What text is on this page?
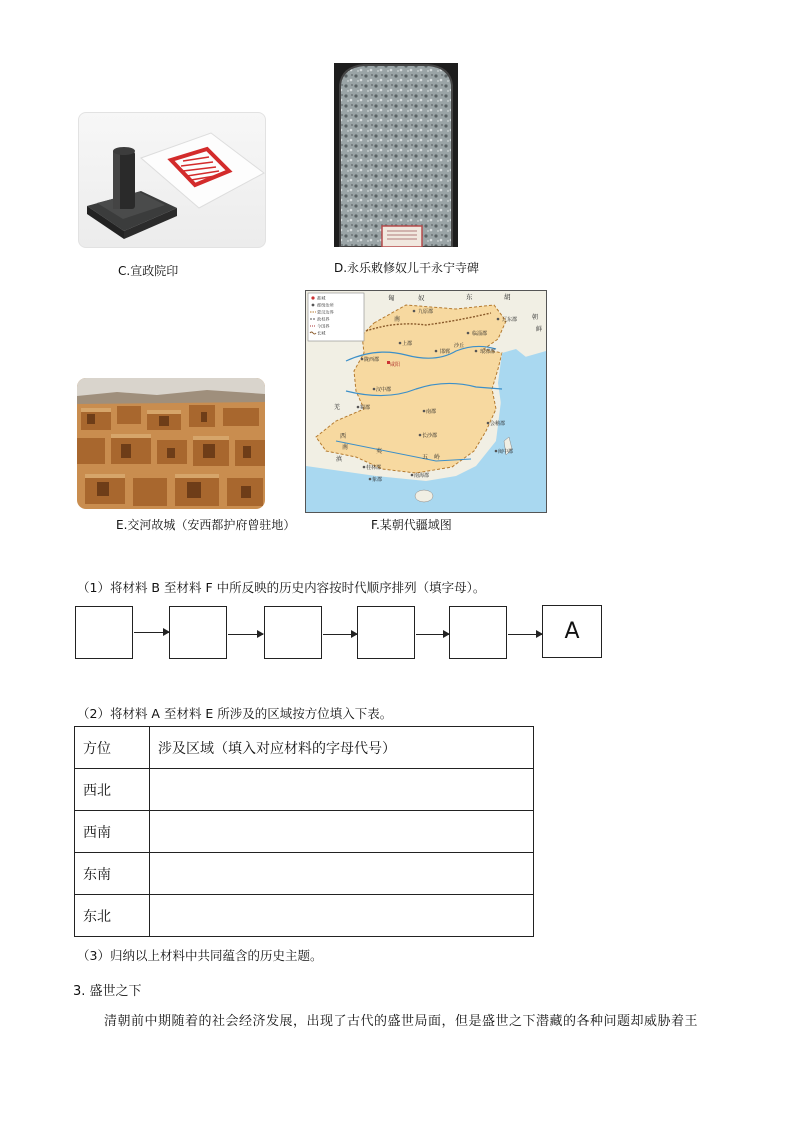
C.宣政院印	D.永乐敕修奴儿干永宁寺碑
E.交河故城（安西都护府曾驻地）
都城
郡级治所
蒙汉边界
政权界
今国界
长城
匈	奴	东	胡
九原郡
辽东郡 朝
鲜
南
上郡
陇西郡
咸阳
邯郸
临淄郡
沙丘
琅邪郡
羌
汉中郡
蜀郡
南郡
会稽郡
长沙郡
西
南
滇
夷
桂林郡
象郡
南海郡
闽中郡
五 岭
F.某朝代疆域图
（1）将材料 B 至材料 F 中所反映的历史内容按时代顺序排列（填字母）。
A
（2）将材料 A 至材料 E 所涉及的区域按方位填入下表。
方位	涉及区域（填入对应材料的字母代号）
西北	
西南	
东南	
东北	
（3）归纳以上材料中共同蕴含的历史主题。
3. 盛世之下
清朝前中期随着的社会经济发展，出现了古代的盛世局面，但是盛世之下潜藏的各种问题却威胁着王
